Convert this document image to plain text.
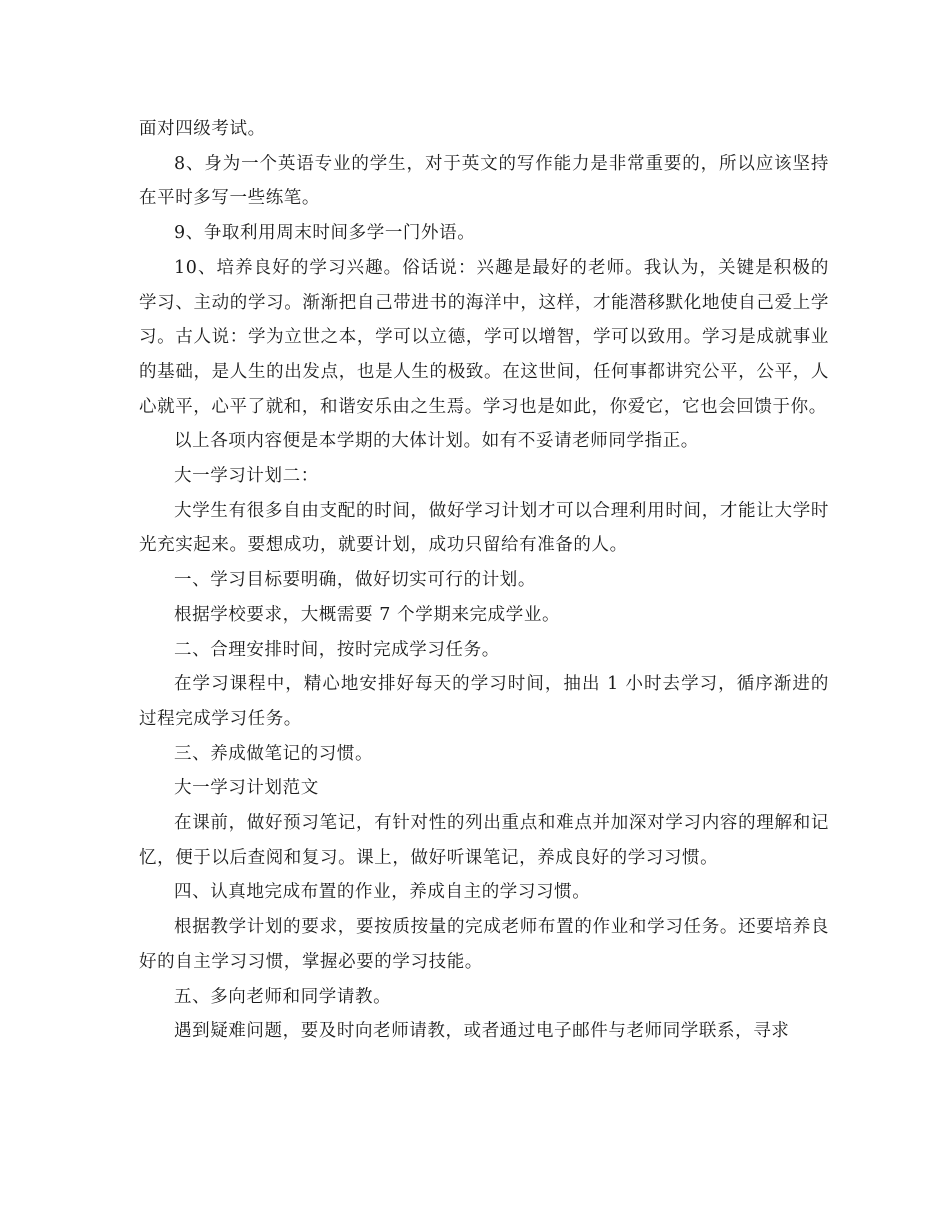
面对四级考试。

8、身为一个英语专业的学生，对于英文的写作能力是非常重要的，所以应该坚持在平时多写一些练笔。

9、争取利用周末时间多学一门外语。

10、培养良好的学习兴趣。俗话说：兴趣是最好的老师。我认为，关键是积极的学习、主动的学习。渐渐把自己带进书的海洋中，这样，才能潜移默化地使自己爱上学习。古人说：学为立世之本，学可以立德，学可以增智，学可以致用。学习是成就事业的基础，是人生的出发点，也是人生的极致。在这世间，任何事都讲究公平，公平，人心就平，心平了就和，和谐安乐由之生焉。学习也是如此，你爱它，它也会回馈于你。

以上各项内容便是本学期的大体计划。如有不妥请老师同学指正。

大一学习计划二：

大学生有很多自由支配的时间，做好学习计划才可以合理利用时间，才能让大学时光充实起来。要想成功，就要计划，成功只留给有准备的人。

一、学习目标要明确，做好切实可行的计划。

根据学校要求，大概需要 7 个学期来完成学业。

二、合理安排时间，按时完成学习任务。

在学习课程中，精心地安排好每天的学习时间，抽出 1 小时去学习，循序渐进的过程完成学习任务。

三、养成做笔记的习惯。

大一学习计划范文

在课前，做好预习笔记，有针对性的列出重点和难点并加深对学习内容的理解和记忆，便于以后查阅和复习。课上，做好听课笔记，养成良好的学习习惯。

四、认真地完成布置的作业，养成自主的学习习惯。

根据教学计划的要求，要按质按量的完成老师布置的作业和学习任务。还要培养良好的自主学习习惯，掌握必要的学习技能。

五、多向老师和同学请教。

遇到疑难问题，要及时向老师请教，或者通过电子邮件与老师同学联系，寻求
